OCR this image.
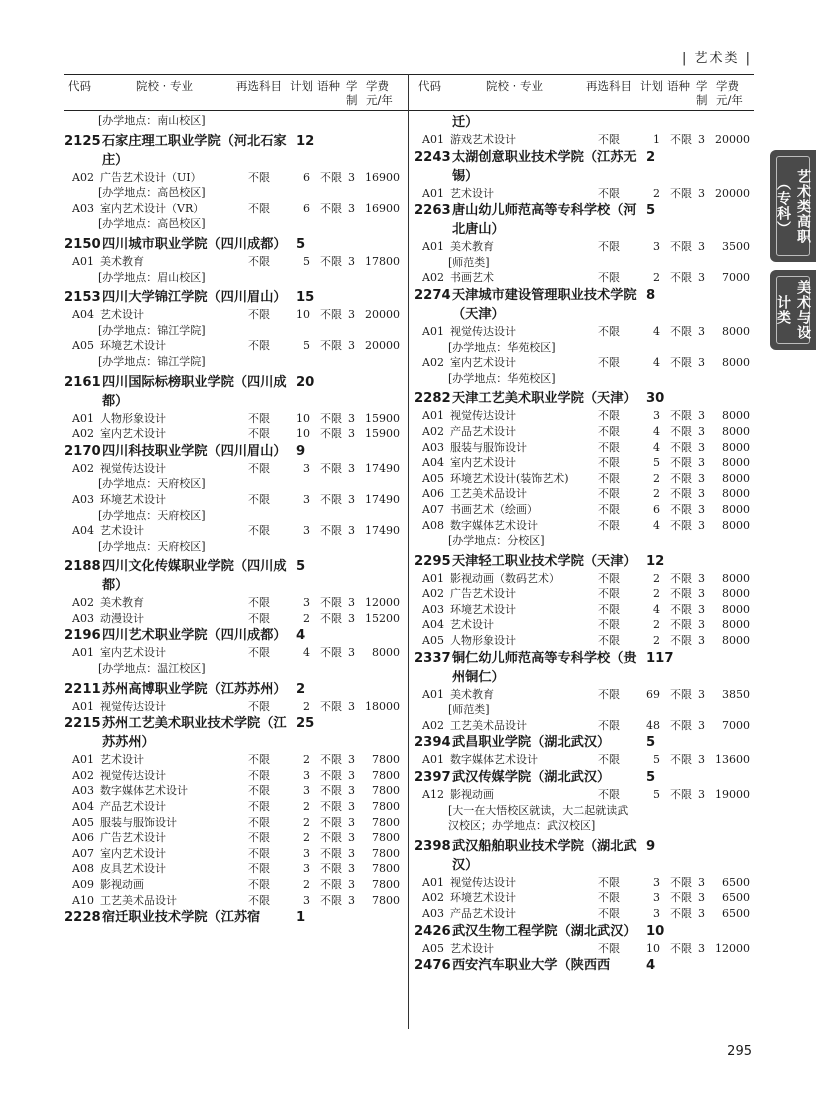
| 艺术类 |
代码	院校 · 专业	再选科目 计划 语种 学制
学费元/年
代码	院校 · 专业	再选科目 计划 语种 学制
学费元/年
[办学地点：南山校区]
2125 石家庄理工职业学院（河北石家庄）
12
A02 广告艺术设计（UI）	不限	6 不限 3 16900
[办学地点：高邑校区]
A03 室内艺术设计（VR）	不限	6 不限 3 16900
[办学地点：高邑校区]
2150 四川城市职业学院（四川成都） 5
A01 美术教育	不限	5 不限 3 17800
[办学地点：眉山校区]
2153 四川大学锦江学院（四川眉山） 15
A04 艺术设计	不限	10 不限 3 20000
[办学地点：锦江学院]
A05 环境艺术设计	不限	5 不限 3 20000
[办学地点：锦江学院]
2161 四川国际标榜职业学院（四川成都）
20
A01 人物形象设计	不限	10 不限 3 15900
A02 室内艺术设计	不限	10 不限 3 15900
2170 四川科技职业学院（四川眉山） 9
A02 视觉传达设计	不限	3 不限 3 17490
[办学地点：天府校区]
A03 环境艺术设计	不限	3 不限 3 17490
[办学地点：天府校区]
A04 艺术设计	不限	3 不限 3 17490
[办学地点：天府校区]
2188 四川文化传媒职业学院（四川成都）
5
A02 美术教育	不限	3 不限 3 12000
A03 动漫设计	不限	2 不限 3 15200
2196 四川艺术职业学院（四川成都） 4
A01 室内艺术设计	不限	4 不限 3	8000
[办学地点：温江校区]
2211 苏州高博职业学院（江苏苏州） 2
A01 视觉传达设计	不限	2 不限 3 18000
2215 苏州工艺美术职业技术学院（江苏苏州）
25
A01 艺术设计	不限	2 不限 3	7800
A02 视觉传达设计	不限	3 不限 3	7800
A03 数字媒体艺术设计	不限	3 不限 3	7800
A04 产品艺术设计	不限	2 不限 3	7800
A05 服装与服饰设计	不限	2 不限 3	7800
A06 广告艺术设计	不限	2 不限 3	7800
A07 室内艺术设计	不限	3 不限 3	7800
A08 皮具艺术设计	不限	3 不限 3	7800
A09 影视动画	不限	2 不限 3	7800
A10 工艺美术品设计	不限	3 不限 3	7800
2228 宿迁职业技术学院（江苏宿	1
迁）
A01 游戏艺术设计	不限	1 不限 3 20000
2243 太湖创意职业技术学院（江苏无锡）
2
A01 艺术设计	不限	2 不限 3 20000
2263 唐山幼儿师范高等专科学校（河北唐山）
5
A01 美术教育	不限	3 不限 3	3500
[师范类]
A02 书画艺术	不限	2 不限 3	7000
2274 天津城市建设管理职业技术学院（天津）
8
A01 视觉传达设计	不限	4 不限 3	8000
[办学地点：华苑校区]
A02 室内艺术设计	不限	4 不限 3	8000
[办学地点：华苑校区]
2282 天津工艺美术职业学院（天津） 30
A01 视觉传达设计	不限	3 不限 3	8000
A02 产品艺术设计	不限	4 不限 3	8000
A03 服装与服饰设计	不限	4 不限 3	8000
A04 室内艺术设计	不限	5 不限 3	8000
A05 环境艺术设计(装饰艺术)	不限	2 不限 3	8000
A06 工艺美术品设计	不限	2 不限 3	8000
A07 书画艺术（绘画）	不限	6 不限 3	8000
A08 数字媒体艺术设计	不限	4 不限 3	8000
[办学地点：分校区]
2295 天津轻工职业技术学院（天津） 12
A01 影视动画（数码艺术）	不限	2 不限 3	8000
A02 广告艺术设计	不限	2 不限 3	8000
A03 环境艺术设计	不限	4 不限 3	8000
A04 艺术设计	不限	2 不限 3	8000
A05 人物形象设计	不限	2 不限 3	8000
2337 铜仁幼儿师范高等专科学校（贵州铜仁）
117
A01 美术教育	不限	69 不限 3	3850
[师范类]
A02 工艺美术品设计	不限	48 不限 3	7000
2394 武昌职业学院（湖北武汉）	5
A01 数字媒体艺术设计	不限	5 不限 3 13600
2397 武汉传媒学院（湖北武汉）	5
A12 影视动画	不限	5 不限 3 19000
[大一在大悟校区就读，大二起就读武汉校区；办学地点：武汉校区]
2398 武汉船舶职业技术学院（湖北武汉）
9
A01 视觉传达设计	不限	3 不限 3	6500
A02 环境艺术设计	不限	3 不限 3	6500
A03 产品艺术设计	不限	3 不限 3	6500
2426 武汉生物工程学院（湖北武汉） 10
A05 艺术设计	不限	10 不限 3 12000
2476 西安汽车职业大学（陕西西	4
艺术类高职（专科）
美术与设计类
295
